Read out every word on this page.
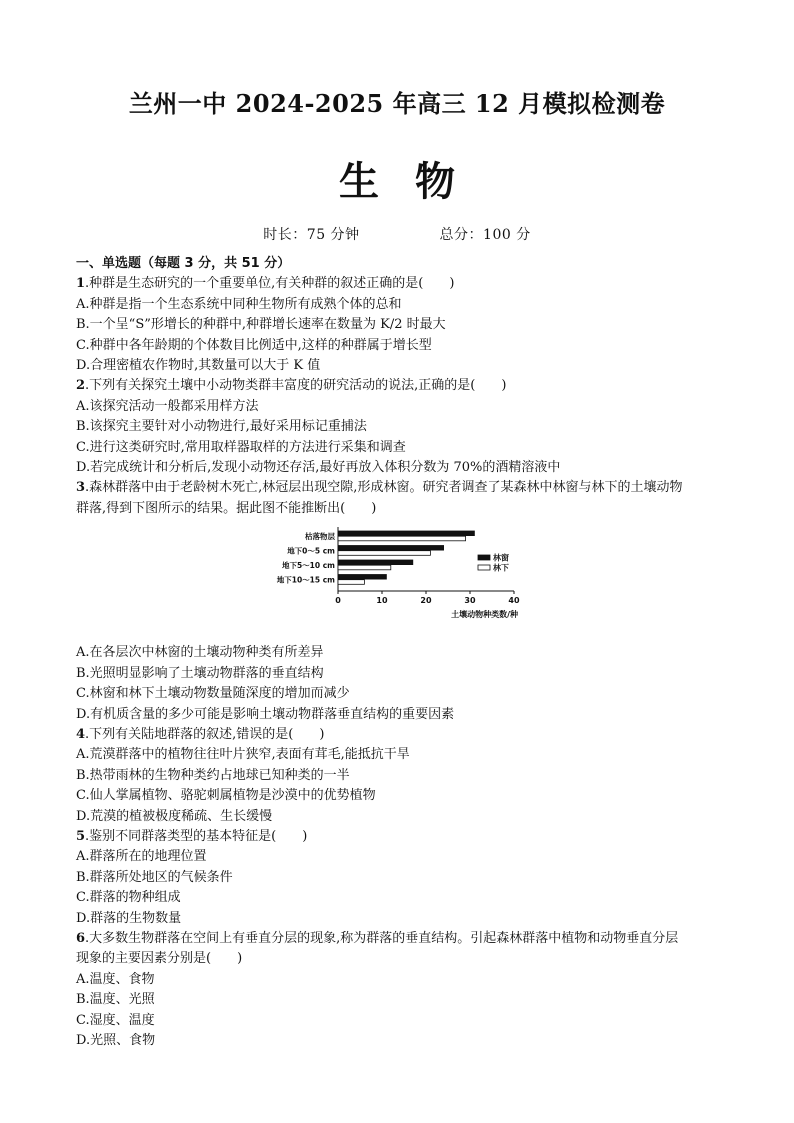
兰州一中 2024-2025 年高三 12 月模拟检测卷
生物
时长：75 分钟	总分：100 分
一、单选题（每题 3 分，共 51 分）
1.种群是生态研究的一个重要单位,有关种群的叙述正确的是(　　)
A.种群是指一个生态系统中同种生物所有成熟个体的总和
B.一个呈“S”形增长的种群中,种群增长速率在数量为 K/2 时最大
C.种群中各年龄期的个体数目比例适中,这样的种群属于增长型
D.合理密植农作物时,其数量可以大于 K 值
2.下列有关探究土壤中小动物类群丰富度的研究活动的说法,正确的是(　　)
A.该探究活动一般都采用样方法
B.该探究主要针对小动物进行,最好采用标记重捕法
C.进行这类研究时,常用取样器取样的方法进行采集和调查
D.若完成统计和分析后,发现小动物还存活,最好再放入体积分数为 70%的酒精溶液中
3.森林群落中由于老龄树木死亡,林冠层出现空隙,形成林窗。研究者调查了某森林中林窗与林下的土壤动物
群落,得到下图所示的结果。据此图不能推断出(　　)
枯落物层
地下0～5 cm
地下5～10 cm
地下10～15 cm
0	10	20	30	40
土壤动物种类数/种
林窗
林下
A.在各层次中林窗的土壤动物种类有所差异
B.光照明显影响了土壤动物群落的垂直结构
C.林窗和林下土壤动物数量随深度的增加而减少
D.有机质含量的多少可能是影响土壤动物群落垂直结构的重要因素
4.下列有关陆地群落的叙述,错误的是(　　)
A.荒漠群落中的植物往往叶片狭窄,表面有茸毛,能抵抗干旱
B.热带雨林的生物种类约占地球已知种类的一半
C.仙人掌属植物、骆驼刺属植物是沙漠中的优势植物
D.荒漠的植被极度稀疏、生长缓慢
5.鉴别不同群落类型的基本特征是(　　)
A.群落所在的地理位置
B.群落所处地区的气候条件
C.群落的物种组成
D.群落的生物数量
6.大多数生物群落在空间上有垂直分层的现象,称为群落的垂直结构。引起森林群落中植物和动物垂直分层
现象的主要因素分别是(　　)
A.温度、食物
B.温度、光照
C.湿度、温度
D.光照、食物
